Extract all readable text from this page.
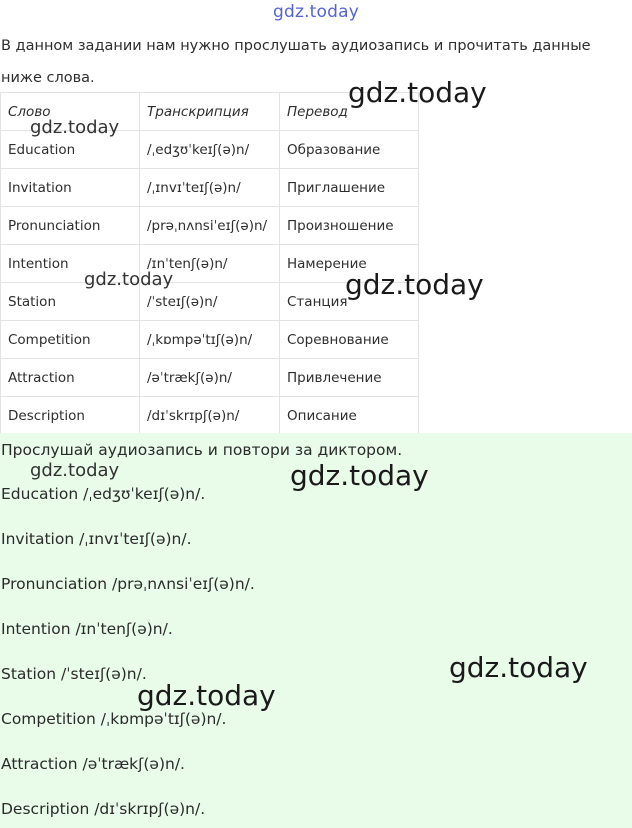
gdz.today
В данном задании нам нужно прослушать аудиозапись и прочитать данные ниже слова.
Слово	Транскрипция	Перевод
Education	/ˌedʒʊˈkeɪʃ(ə)n/	Образование
Invitation	/ˌɪnvɪˈteɪʃ(ə)n/	Приглашение
Pronunciation	/prəˌnʌnsiˈeɪʃ(ə)n/	Произношение
Intention	/ɪnˈtenʃ(ə)n/	Намерение
Station	/ˈsteɪʃ(ə)n/	Станция
Competition	/ˌkɒmpəˈtɪʃ(ə)n/	Соревнование
Attraction	/əˈtrækʃ(ə)n/	Привлечение
Description	/dɪˈskrɪpʃ(ə)n/	Описание
Прослушай аудиозапись и повтори за диктором.
Education /ˌedʒʊˈkeɪʃ(ə)n/.
Invitation /ˌɪnvɪˈteɪʃ(ə)n/.
Pronunciation /prəˌnʌnsiˈeɪʃ(ə)n/.
Intention /ɪnˈtenʃ(ə)n/.
Station /ˈsteɪʃ(ə)n/.
Competition /ˌkɒmpəˈtɪʃ(ə)n/.
Attraction /əˈtrækʃ(ə)n/.
Description /dɪˈskrɪpʃ(ə)n/.
gdz.today
gdz.today
gdz.today	gdz.today
gdz.today	gdz.today
gdz.today
gdz.today
